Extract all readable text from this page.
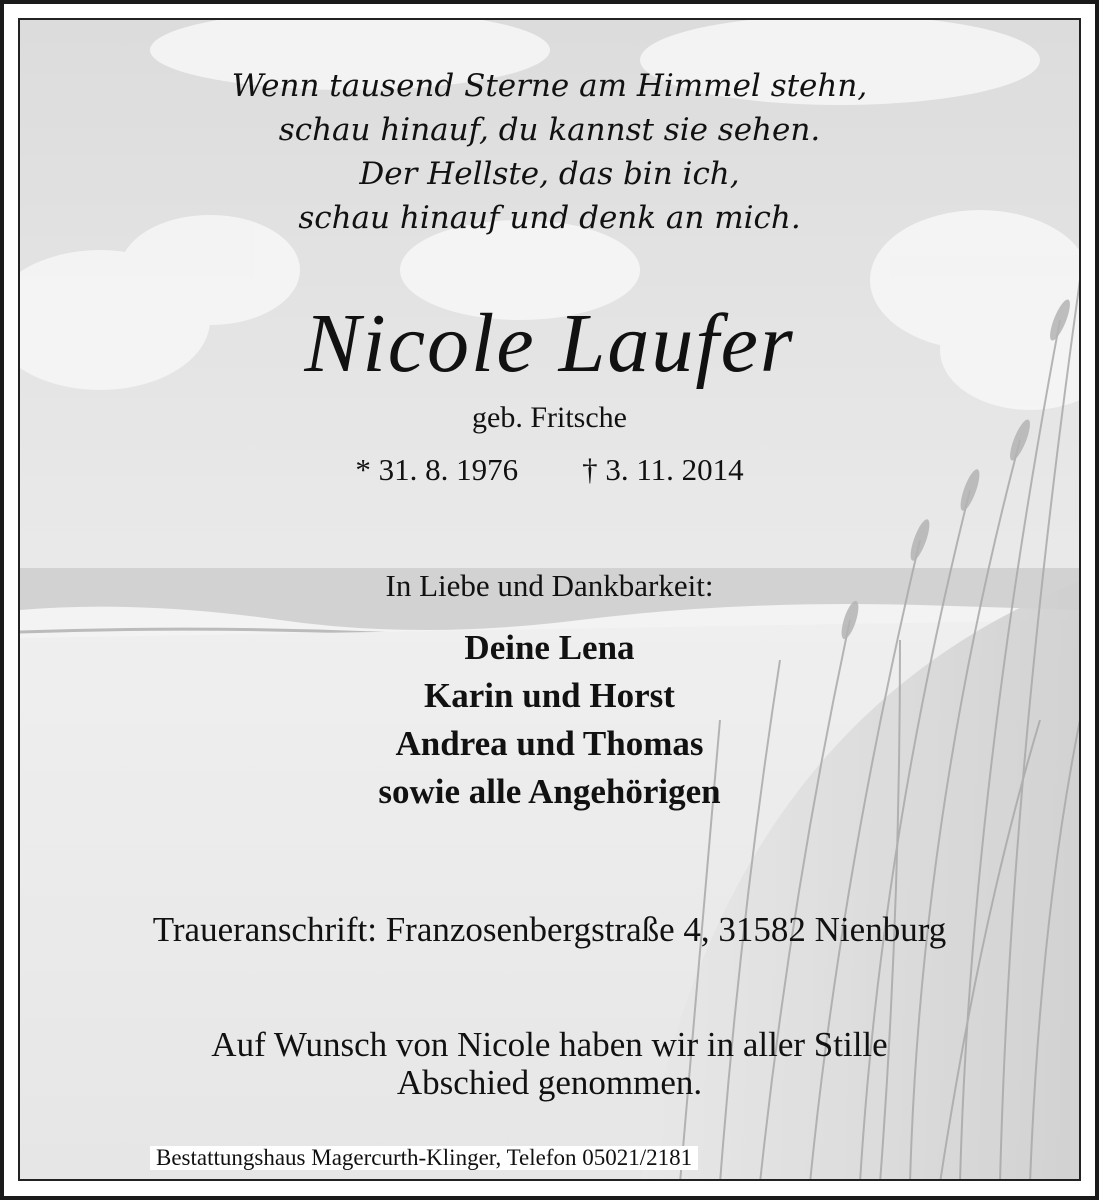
Wenn tausend Sterne am Himmel stehn,
schau hinauf, du kannst sie sehen.
Der Hellste, das bin ich,
schau hinauf und denk an mich.
Nicole Laufer
geb. Fritsche
* 31. 8. 1976 † 3. 11. 2014
In Liebe und Dankbarkeit:
Deine Lena
Karin und Horst
Andrea und Thomas
sowie alle Angehörigen
Traueranschrift: Franzosenbergstraße 4, 31582 Nienburg
Auf Wunsch von Nicole haben wir in aller Stille
Abschied genommen.
Bestattungshaus Magercurth-Klinger, Telefon 05021/2181
